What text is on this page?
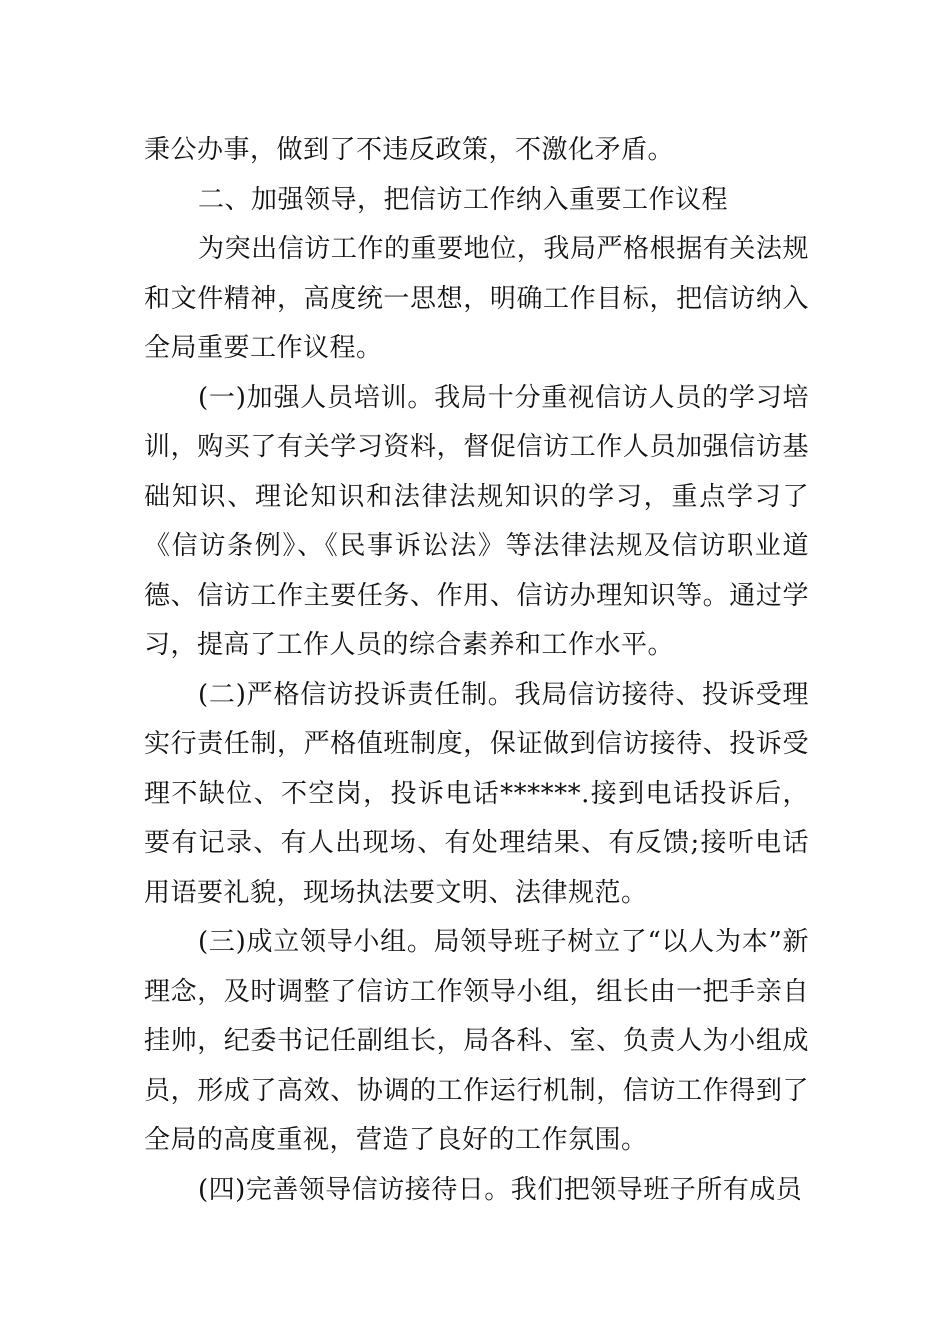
秉公办事，做到了不违反政策，不激化矛盾。

二、加强领导，把信访工作纳入重要工作议程

为突出信访工作的重要地位，我局严格根据有关法规和文件精神，高度统一思想，明确工作目标，把信访纳入全局重要工作议程。

(一)加强人员培训。我局十分重视信访人员的学习培训，购买了有关学习资料，督促信访工作人员加强信访基础知识、理论知识和法律法规知识的学习，重点学习了《信访条例》、《民事诉讼法》等法律法规及信访职业道德、信访工作主要任务、作用、信访办理知识等。通过学习，提高了工作人员的综合素养和工作水平。

(二)严格信访投诉责任制。我局信访接待、投诉受理实行责任制，严格值班制度，保证做到信访接待、投诉受理不缺位、不空岗，投诉电话******.接到电话投诉后，要有记录、有人出现场、有处理结果、有反馈;接听电话用语要礼貌，现场执法要文明、法律规范。

(三)成立领导小组。局领导班子树立了“以人为本”新理念，及时调整了信访工作领导小组，组长由一把手亲自挂帅，纪委书记任副组长，局各科、室、负责人为小组成员，形成了高效、协调的工作运行机制，信访工作得到了全局的高度重视，营造了良好的工作氛围。

(四)完善领导信访接待日。我们把领导班子所有成员
